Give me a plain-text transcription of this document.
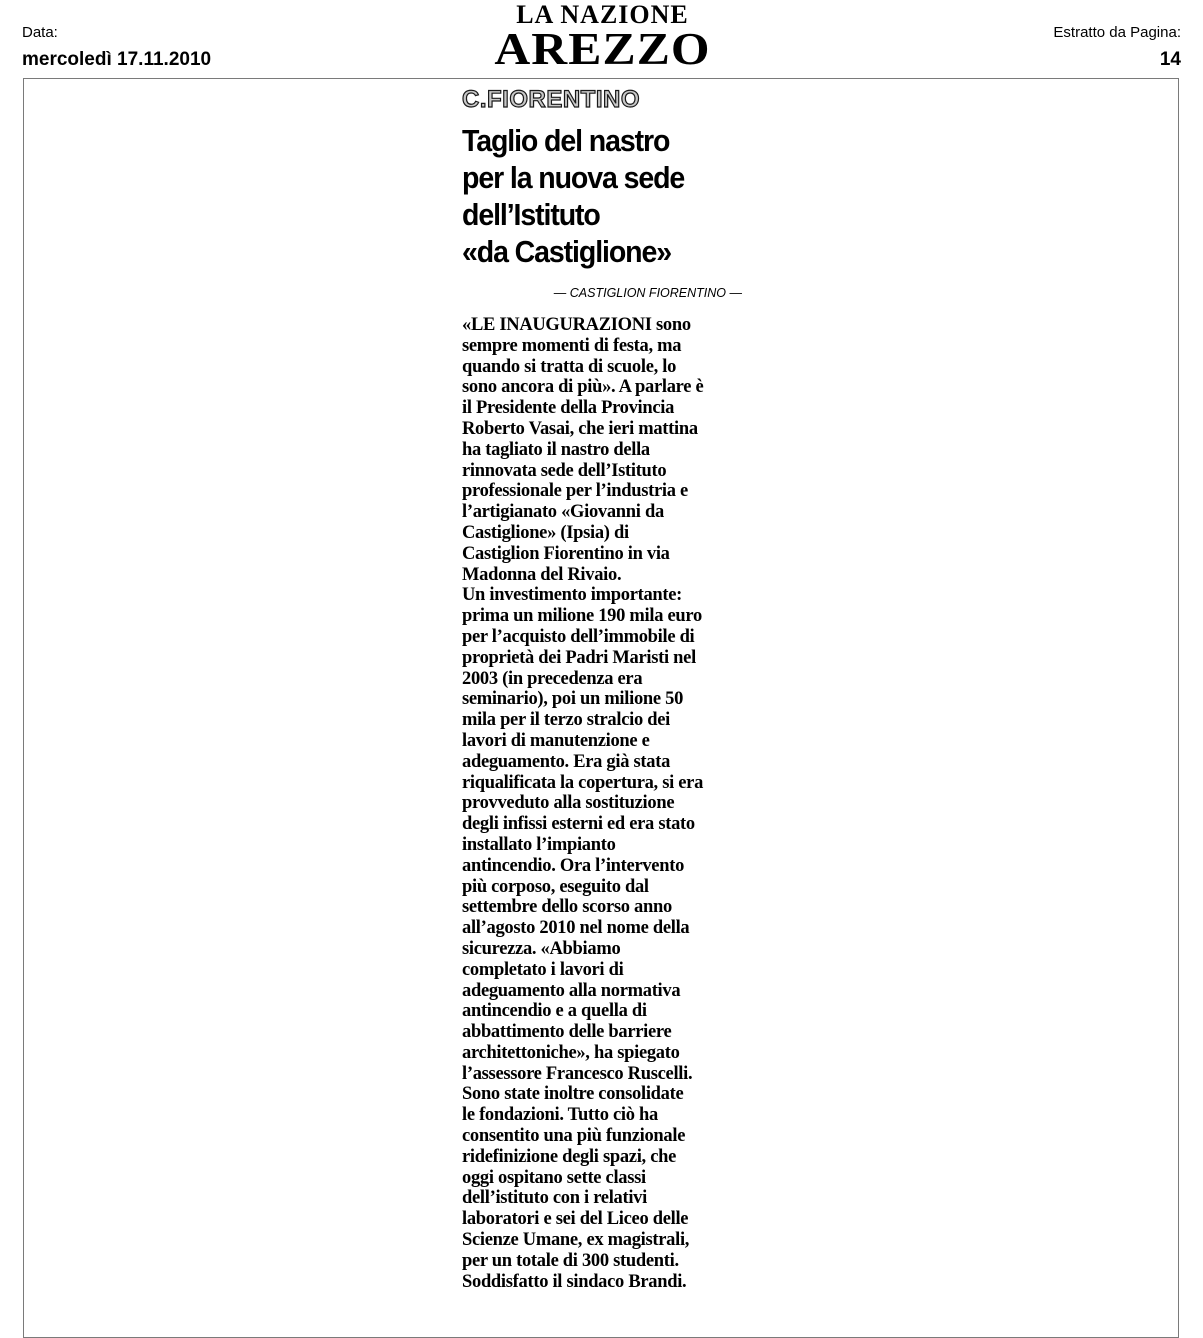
Data:
mercoledì 17.11.2010
LA NAZIONE
AREZZO	Estratto da Pagina:
14
C.FIORENTINO
Taglio del nastro
per la nuova sede
dell’Istituto
«da Castiglione»
— CASTIGLION FIORENTINO —
«LE INAUGURAZIONI sono
sempre momenti di festa, ma
quando si tratta di scuole, lo
sono ancora di più». A parlare è
il Presidente della Provincia
Roberto Vasai, che ieri mattina
ha tagliato il nastro della
rinnovata sede dell’Istituto
professionale per l’industria e
l’artigianato «Giovanni da
Castiglione» (Ipsia) di
Castiglion Fiorentino in via
Madonna del Rivaio.
Un investimento importante:
prima un milione 190 mila euro
per l’acquisto dell’immobile di
proprietà dei Padri Maristi nel
2003 (in precedenza era
seminario), poi un milione 50
mila per il terzo stralcio dei
lavori di manutenzione e
adeguamento. Era già stata
riqualificata la copertura, si era
provveduto alla sostituzione
degli infissi esterni ed era stato
installato l’impianto
antincendio. Ora l’intervento
più corposo, eseguito dal
settembre dello scorso anno
all’agosto 2010 nel nome della
sicurezza. «Abbiamo
completato i lavori di
adeguamento alla normativa
antincendio e a quella di
abbattimento delle barriere
architettoniche», ha spiegato
l’assessore Francesco Ruscelli.
Sono state inoltre consolidate
le fondazioni. Tutto ciò ha
consentito una più funzionale
ridefinizione degli spazi, che
oggi ospitano sette classi
dell’istituto con i relativi
laboratori e sei del Liceo delle
Scienze Umane, ex magistrali,
per un totale di 300 studenti.
Soddisfatto il sindaco Brandi.
